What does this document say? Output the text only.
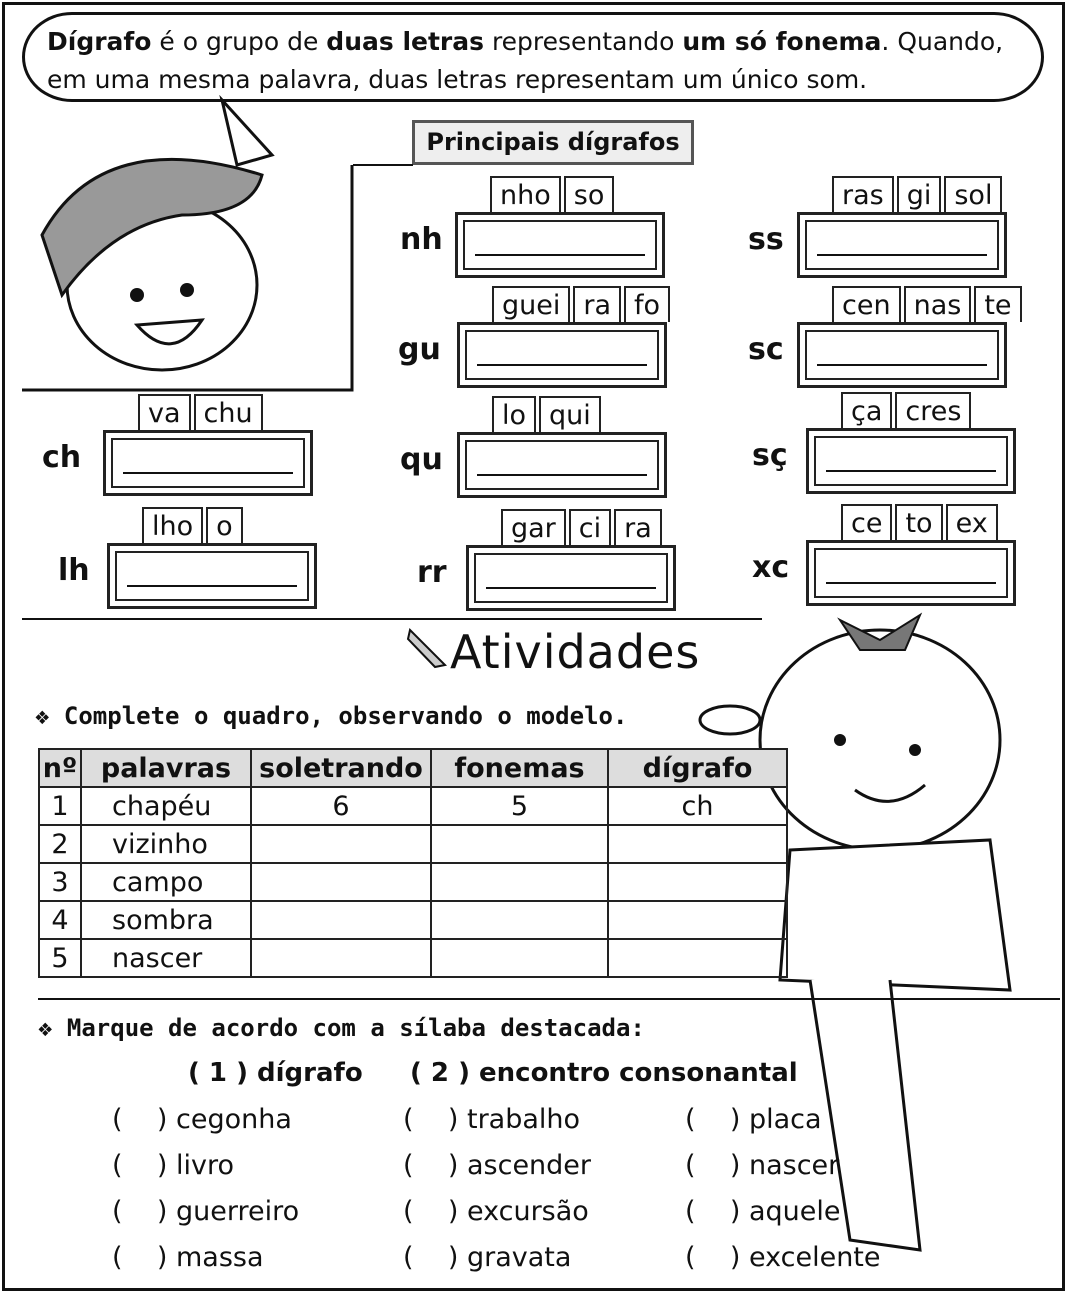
Dígrafo é o grupo de duas letras representando um só fonema. Quando, em uma mesma palavra, duas letras representam um único som.
Principais dígrafos
nh
nho so
ss
ras gi sol
gu
guei ra fo
sc
cen nas te
ch
va chu
qu
lo qui
sç
ça cres
lh
lho o
rr
gar ci ra
xc
ce to ex
Atividades
❖ Complete o quadro, observando o modelo.
nº	palavras	soletrando	fonemas	dígrafo
1	chapéu	6	5	ch
2	vizinho			
3	campo			
4	sombra			
5	nascer			
❖ Marque de acordo com a sílaba destacada:
( 1 ) dígrafo ( 2 ) encontro consonantal
(    ) cegonha	(    ) trabalho	(    ) placa
(    ) livro	(    ) ascender	(    ) nascer
(    ) guerreiro	(    ) excursão	(    ) aquele
(    ) massa	(    ) gravata	(    ) excelente
